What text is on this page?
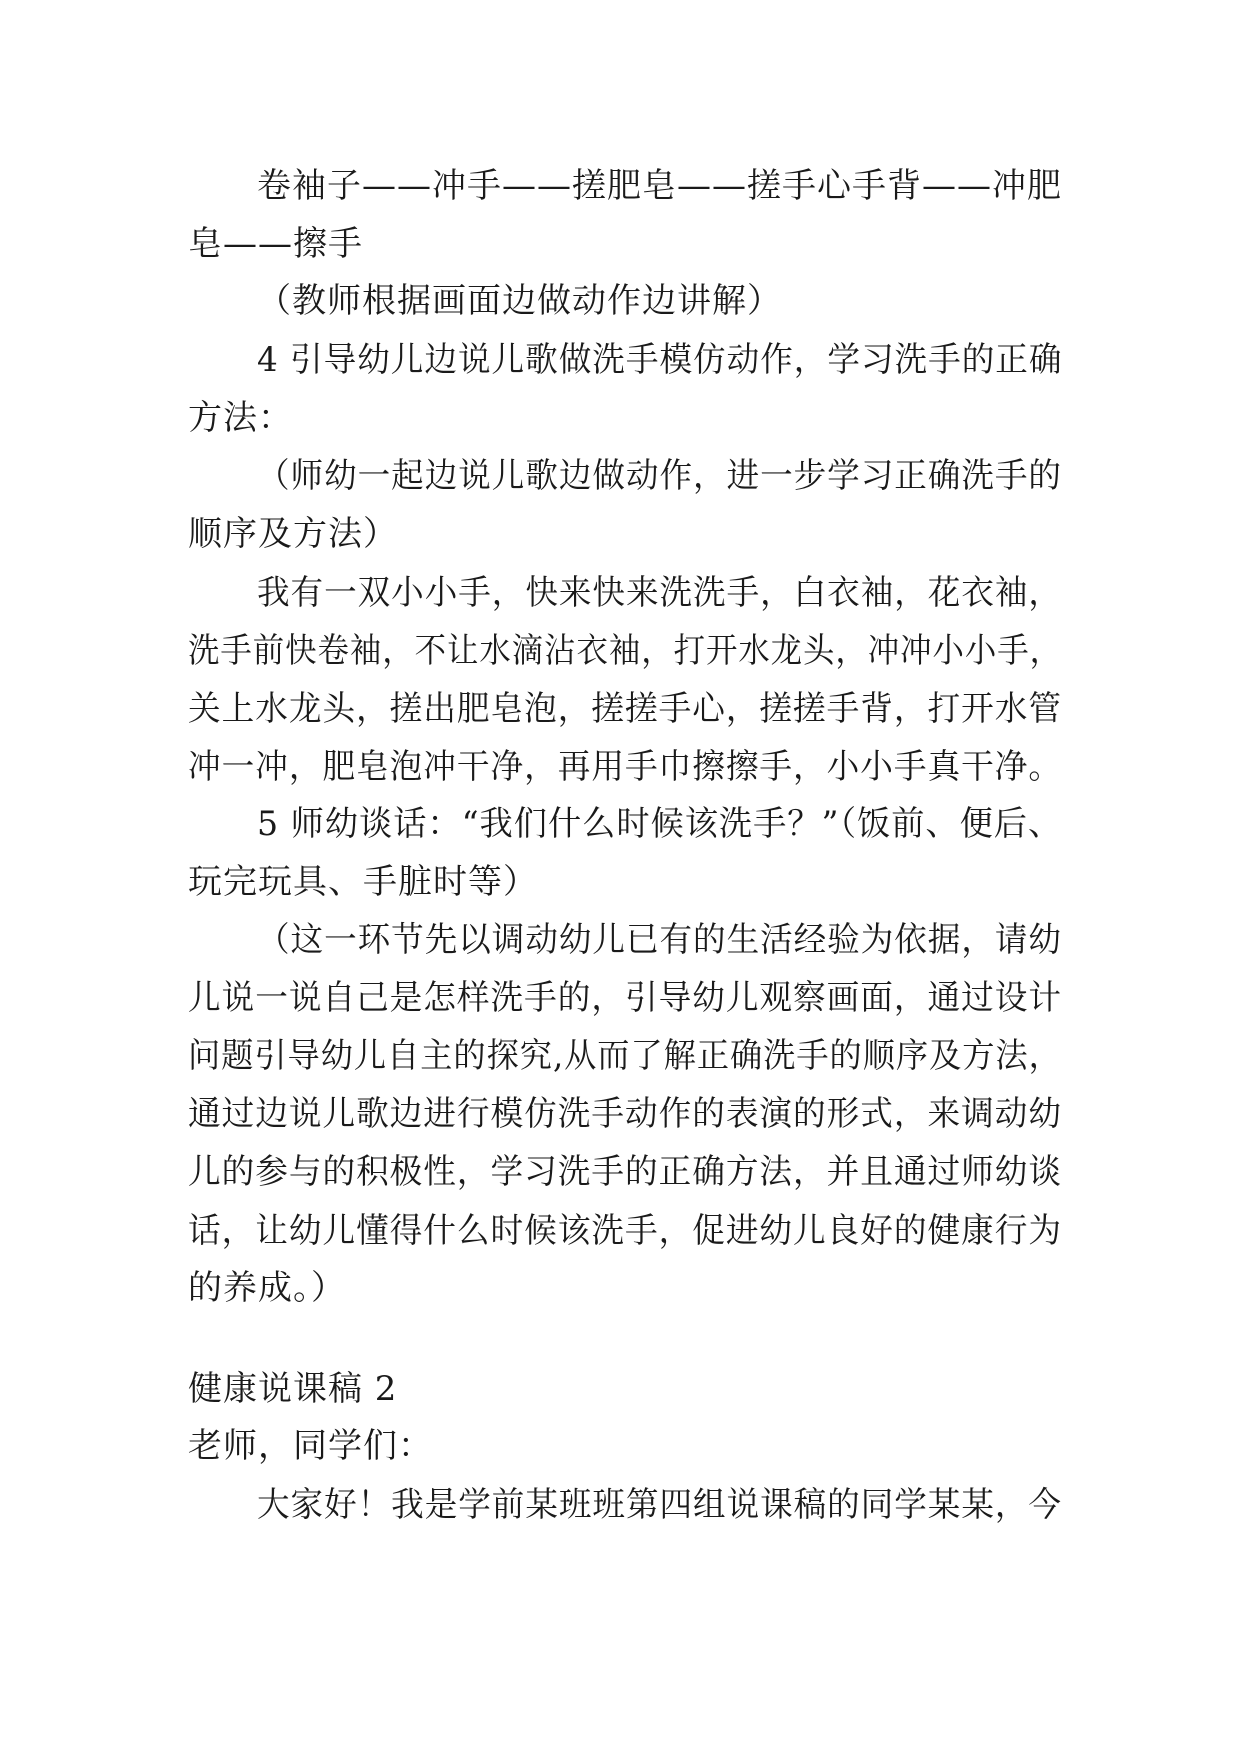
卷袖子——冲手——搓肥皂——搓手心手背——冲肥
皂——擦手
（教师根据画面边做动作边讲解）
4 引导幼儿边说儿歌做洗手模仿动作，学习洗手的正确
方法：
（师幼一起边说儿歌边做动作，进一步学习正确洗手的
顺序及方法）
我有一双小小手，快来快来洗洗手，白衣袖，花衣袖，
洗手前快卷袖，不让水滴沾衣袖，打开水龙头，冲冲小小手，
关上水龙头，搓出肥皂泡，搓搓手心，搓搓手背，打开水管
冲一冲，肥皂泡冲干净，再用手巾擦擦手，小小手真干净。
5 师幼谈话：“我们什么时候该洗手？”（饭前、便后、
玩完玩具、手脏时等）
（这一环节先以调动幼儿已有的生活经验为依据，请幼
儿说一说自己是怎样洗手的，引导幼儿观察画面，通过设计
问题引导幼儿自主的探究,从而了解正确洗手的顺序及方法，
通过边说儿歌边进行模仿洗手动作的表演的形式，来调动幼
儿的参与的积极性，学习洗手的正确方法，并且通过师幼谈
话，让幼儿懂得什么时候该洗手，促进幼儿良好的健康行为
的养成。）
健康说课稿 2
老师，同学们：
大家好！我是学前某班班第四组说课稿的同学某某，今
